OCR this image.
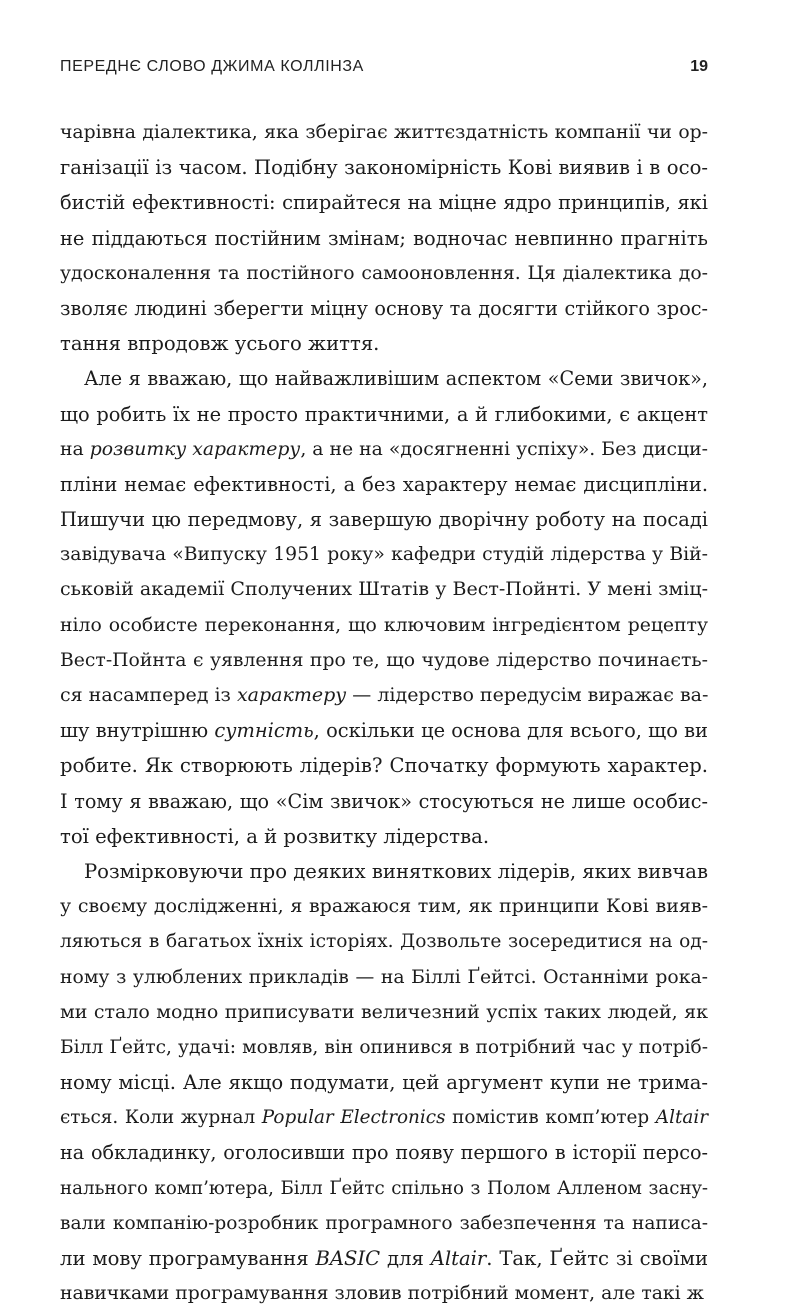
ПЕРЕДНЄ СЛОВО ДЖИМА КОЛЛІНЗА	19
чарівна діалектика, яка зберігає життєздатність компанії чи ор-
ганізації із часом. Подібну закономірність Кові виявив і в осо-
бистій ефективності: спирайтеся на міцне ядро принципів, які
не піддаються постійним змінам; водночас невпинно прагніть
удосконалення та постійного самооновлення. Ця діалектика до-
зволяє людині зберегти міцну основу та досягти стійкого зрос-
тання впродовж усього життя.
Але я вважаю, що найважливішим аспектом «Семи звичок»,
що робить їх не просто практичними, а й глибокими, є акцент
на розвитку характеру, а не на «досягненні успіху». Без дисци-
пліни немає ефективності, а без характеру немає дисципліни.
Пишучи цю передмову, я завершую дворічну роботу на посаді
завідувача «Випуску 1951 року» кафедри студій лідерства у Вій-
ськовій академії Сполучених Штатів у Вест-Пойнті. У мені зміц-
ніло особисте переконання, що ключовим інгредієнтом рецепту
Вест-Пойнта є уявлення про те, що чудове лідерство починаєть-
ся насамперед із характеру — лідерство передусім виражає ва-
шу внутрішню сутність, оскільки це основа для всього, що ви
робите. Як створюють лідерів? Спочатку формують характер.
І тому я вважаю, що «Сім звичок» стосуються не лише особис-
тої ефективності, а й розвитку лідерства.
Розмірковуючи про деяких виняткових лідерів, яких вивчав
у своєму дослідженні, я вражаюся тим, як принципи Кові вияв-
ляються в багатьох їхніх історіях. Дозвольте зосередитися на од-
ному з улюблених прикладів — на Біллі Ґейтсі. Останніми рока-
ми стало модно приписувати величезний успіх таких людей, як
Білл Ґейтс, удачі: мовляв, він опинився в потрібний час у потріб-
ному місці. Але якщо подумати, цей аргумент купи не трима-
ється. Коли журнал Popular Electronics помістив комп’ютер Altair
на обкладинку, оголосивши про появу першого в історії персо-
нального комп’ютера, Білл Ґейтс спільно з Полом Алленом заснy-
вали компанію-розробник програмного забезпечення та написа-
ли мову програмування BASIC для Altair. Так, Ґейтс зі своїми
навичками програмування зловив потрібний момент, але такі ж
